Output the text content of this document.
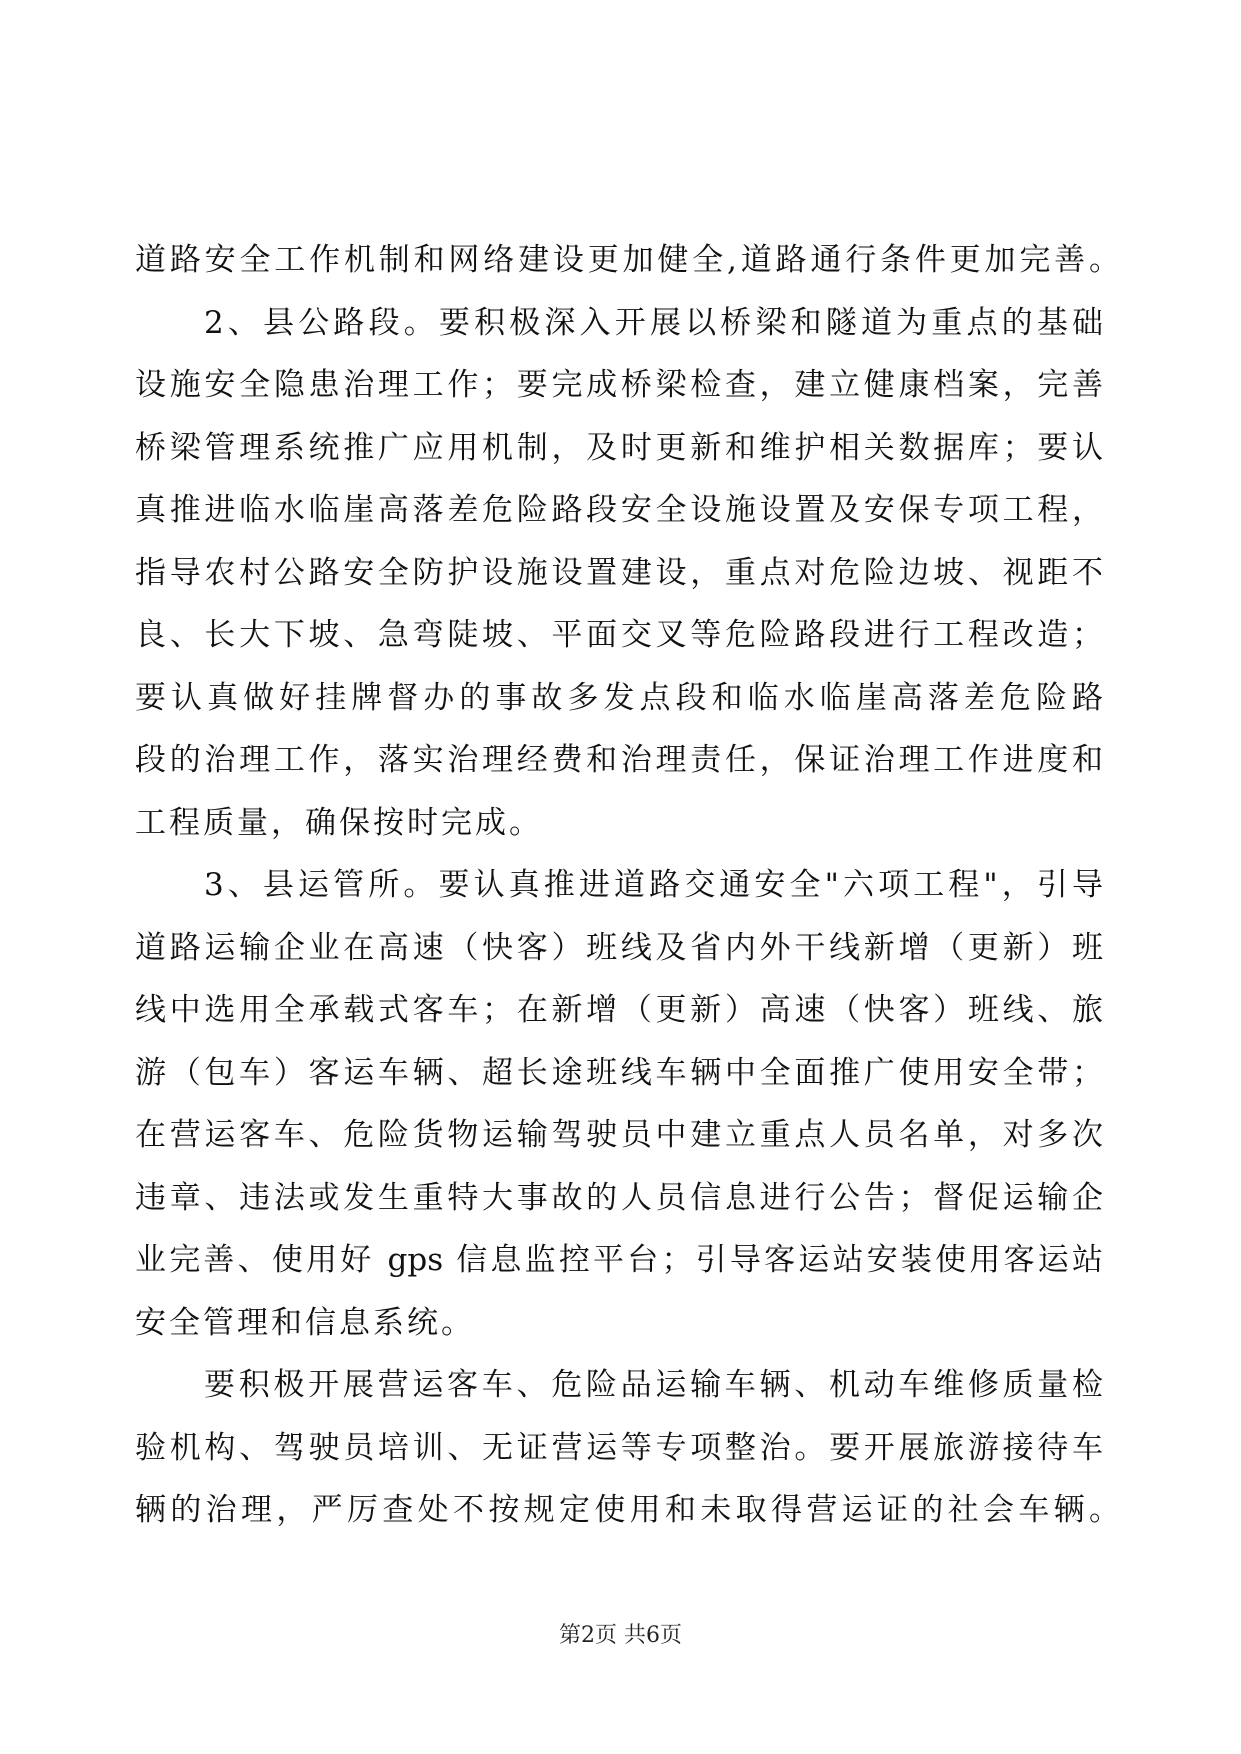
道路安全工作机制和网络建设更加健全,道路通行条件更加完善。
2、县公路段。要积极深入开展以桥梁和隧道为重点的基础
设施安全隐患治理工作；要完成桥梁检查，建立健康档案，完善
桥梁管理系统推广应用机制，及时更新和维护相关数据库；要认
真推进临水临崖高落差危险路段安全设施设置及安保专项工程，
指导农村公路安全防护设施设置建设，重点对危险边坡、视距不
良、长大下坡、急弯陡坡、平面交叉等危险路段进行工程改造；
要认真做好挂牌督办的事故多发点段和临水临崖高落差危险路
段的治理工作，落实治理经费和治理责任，保证治理工作进度和
工程质量，确保按时完成。
3、县运管所。要认真推进道路交通安全"六项工程"，引导
道路运输企业在高速（快客）班线及省内外干线新增（更新）班
线中选用全承载式客车；在新增（更新）高速（快客）班线、旅
游（包车）客运车辆、超长途班线车辆中全面推广使用安全带；
在营运客车、危险货物运输驾驶员中建立重点人员名单，对多次
违章、违法或发生重特大事故的人员信息进行公告；督促运输企
业完善、使用好 gps 信息监控平台；引导客运站安装使用客运站
安全管理和信息系统。
要积极开展营运客车、危险品运输车辆、机动车维修质量检
验机构、驾驶员培训、无证营运等专项整治。要开展旅游接待车
辆的治理，严厉查处不按规定使用和未取得营运证的社会车辆。
第2页 共6页
